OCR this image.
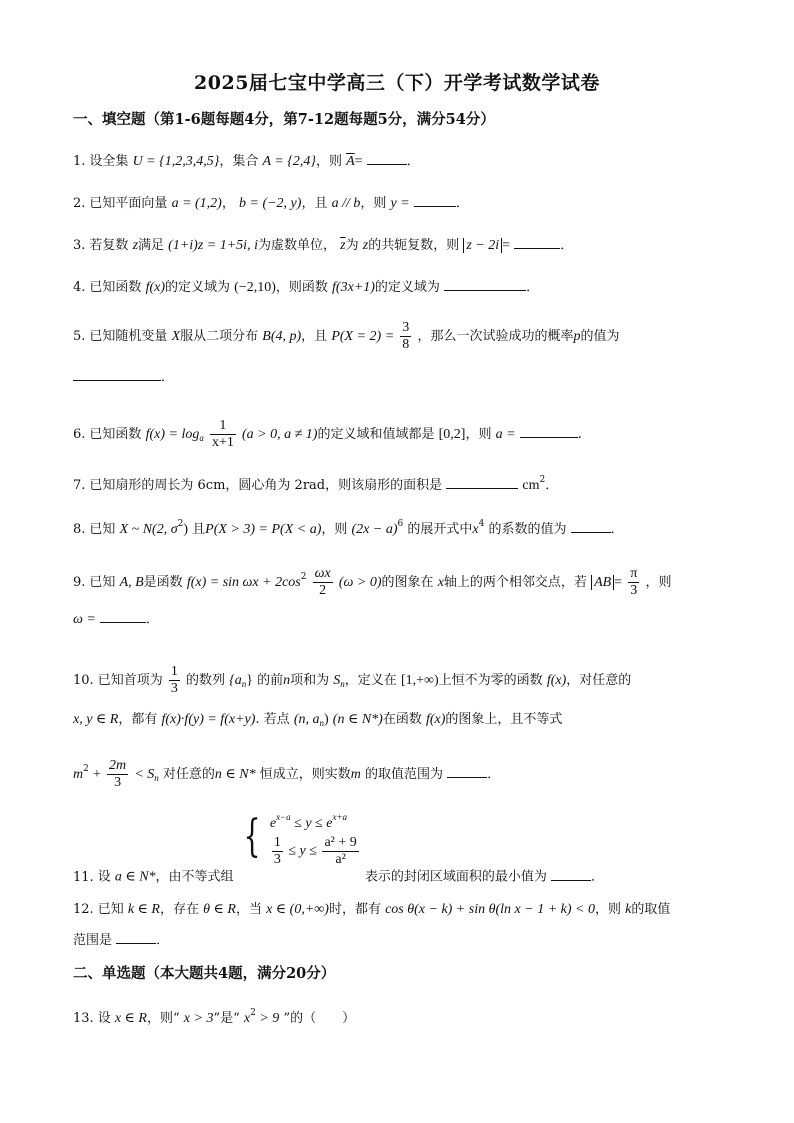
2025届七宝中学高三（下）开学考试数学试卷
一、填空题（第1-6题每题4分，第7-12题每题5分，满分54分）
1. 设全集 U = {1,2,3,4,5}，集合 A = {2,4}，则 $\overline{A}=$	．
2. 已知平面向量 a = (1,2)， b = (−2, y)，且 a // b，则 y =	．
3. 若复数 z满足 (1+i)z = 1+5i, i为虚数单位， $\overline{z}$为 z的共轭复数，则 z − 2i =	．
4. 已知函数 f(x)的定义域为 (−2,10)，则函数 f(3x+1)的定义域为	．
5. 已知随机变量 X服从二项分布 B(4, p)，且 $P(X = 2) = \frac{3}{8}$ ，那么一次试验成功的概率p的值为
．
6. 已知函数 $f(x) = \log_a \frac{1}{x+1} (a > 0$, a ≠ 1)的定义域和值域都是 [0,2]，则 a =	.
7. 已知扇形的周长为 6cm，圆心角为 2rad，则该扇形的面积是	$cm^2$．
8. 已知 X ~ N(2, $\sigma^2$) 且P(X > 3) = P(X < a)，则 $(2x - a)^6$ 的展开式中$x^4$ 的系数的值为	．
9. 已知 A, B是函数 $f(x) = \sin \omega x + 2\cos^2 \frac{\omega x}{2} (\omega > 0)$的图象在 x轴上的两个相邻交点，若 AB = $\frac{\pi}{3}$ ，则
ω =	．
10. 已知首项为 $\frac{1}{3}$ 的数列 $\{a_n\}$ 的前n项和为 $S_n$，定义在 [1,+∞)上恒不为零的函数 f(x)，对任意的
x, y ∈ R，都有 f(x)·f(y) = f(x+y). 若点 (n, $a_n$) (n ∈ N*)在函数 f(x)的图象上，且不等式
$m^2 + \frac{2m}{3} < S_n$ 对任意的n ∈ N* 恒成立，则实数m 的取值范围为	．
11. 设 a ∈ N*，由不等式组 { $e^{x-a} \le y \le e^{x+a}$
$\frac{1}{3} \le y \le \frac{\text{a² + 9}}{\text{a²}}$
表示的封闭区域面积的最小值为	．
12. 已知 k ∈ R，存在 θ ∈ R，当 x ∈ (0,+∞)时，都有 cos θ(x − k) + sin θ(ln x − 1 + k) < 0，则 k的取值
范围是	．
二、单选题（本大题共4题，满分20分）
13. 设 x ∈ R，则“ x > 3”是“ $x^2 > 9$ ”的（　　）
